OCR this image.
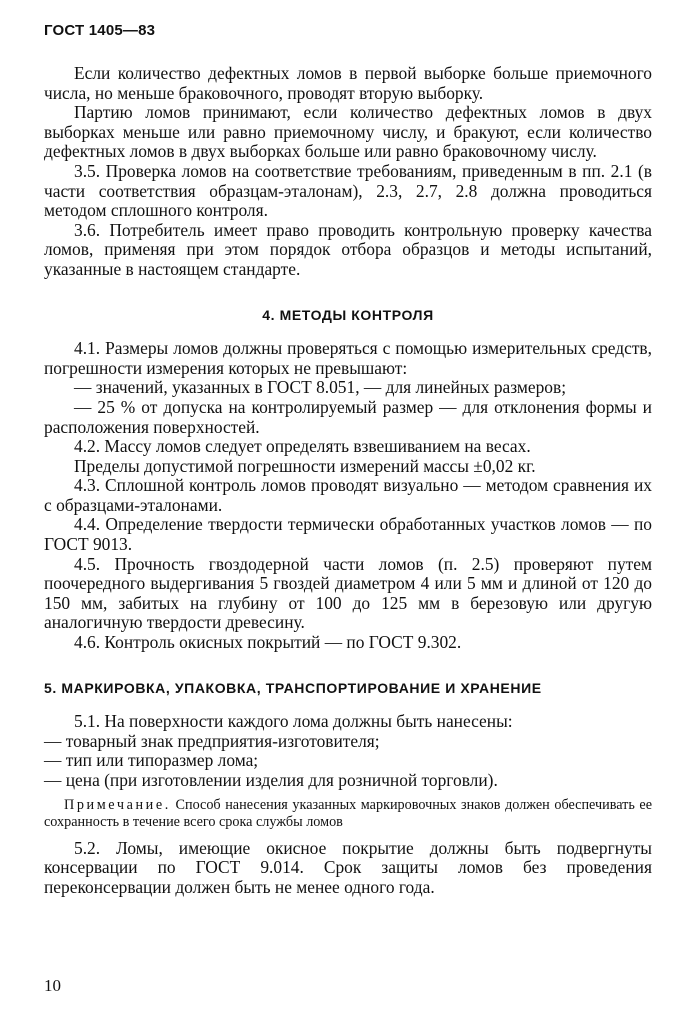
ГОСТ 1405—83

Если количество дефектных ломов в первой выборке больше приемочного числа, но меньше браковочного, проводят вторую выборку.

Партию ломов принимают, если количество дефектных ломов в двух выборках меньше или равно приемочному числу, и бракуют, если количество дефектных ломов в двух выборках больше или равно браковочному числу.

3.5. Проверка ломов на соответствие требованиям, приведенным в пп. 2.1 (в части соответствия образцам-эталонам), 2.3, 2.7, 2.8 должна проводиться методом сплошного контроля.

3.6. Потребитель имеет право проводить контрольную проверку качества ломов, применяя при этом порядок отбора образцов и методы испытаний, указанные в настоящем стандарте.

4. МЕТОДЫ КОНТРОЛЯ

4.1. Размеры ломов должны проверяться с помощью измерительных средств, погрешности измерения которых не превышают:

— значений, указанных в ГОСТ 8.051, — для линейных размеров;

— 25 % от допуска на контролируемый размер — для отклонения формы и расположения поверхностей.

4.2. Массу ломов следует определять взвешиванием на весах.

Пределы допустимой погрешности измерений массы ±0,02 кг.

4.3. Сплошной контроль ломов проводят визуально — методом сравнения их с образцами-эталонами.

4.4. Определение твердости термически обработанных участков ломов — по ГОСТ 9013.

4.5. Прочность гвоздодерной части ломов (п. 2.5) проверяют путем поочередного выдергивания 5 гвоздей диаметром 4 или 5 мм и длиной от 120 до 150 мм, забитых на глубину от 100 до 125 мм в березовую или другую аналогичную твердости древесину.

4.6. Контроль окисных покрытий — по ГОСТ 9.302.

5. МАРКИРОВКА, УПАКОВКА, ТРАНСПОРТИРОВАНИЕ И ХРАНЕНИЕ

5.1. На поверхности каждого лома должны быть нанесены:

— товарный знак предприятия-изготовителя;

— тип или типоразмер лома;

— цена (при изготовлении изделия для розничной торговли).

Примечание. Способ нанесения указанных маркировочных знаков должен обеспечивать ее сохранность в течение всего срока службы ломов

5.2. Ломы, имеющие окисное покрытие должны быть подвергнуты консервации по ГОСТ 9.014. Срок защиты ломов без проведения переконсервации должен быть не менее одного года.

10
